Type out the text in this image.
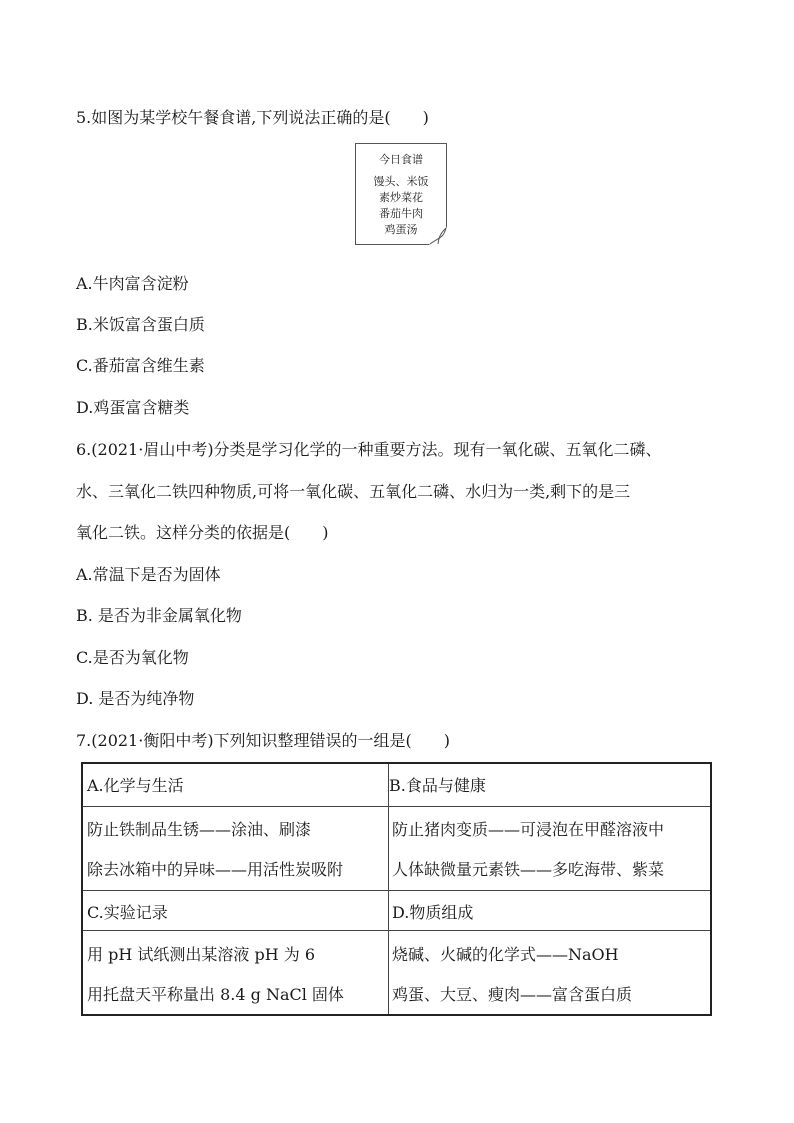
5.如图为某学校午餐食谱,下列说法正确的是(　　)
今日食谱
馒头、米饭
素炒菜花
番茄牛肉
鸡蛋汤
A.牛肉富含淀粉
B.米饭富含蛋白质
C.番茄富含维生素
D.鸡蛋富含糖类
6.(2021·眉山中考)分类是学习化学的一种重要方法。现有一氧化碳、五氧化二磷、
水、三氧化二铁四种物质,可将一氧化碳、五氧化二磷、水归为一类,剩下的是三
氧化二铁。这样分类的依据是(　　)
A.常温下是否为固体
B. 是否为非金属氧化物
C.是否为氧化物
D. 是否为纯净物
7.(2021·衡阳中考)下列知识整理错误的一组是(　　)
A.化学与生活	B.食品与健康
防止铁制品生锈——涂油、刷漆
除去冰箱中的异味——用活性炭吸附
防止猪肉变质——可浸泡在甲醛溶液中
人体缺微量元素铁——多吃海带、紫菜
C.实验记录	D.物质组成
用 pH 试纸测出某溶液 pH 为 6
用托盘天平称量出 8.4 g NaCl 固体
烧碱、火碱的化学式——NaOH
鸡蛋、大豆、瘦肉——富含蛋白质
